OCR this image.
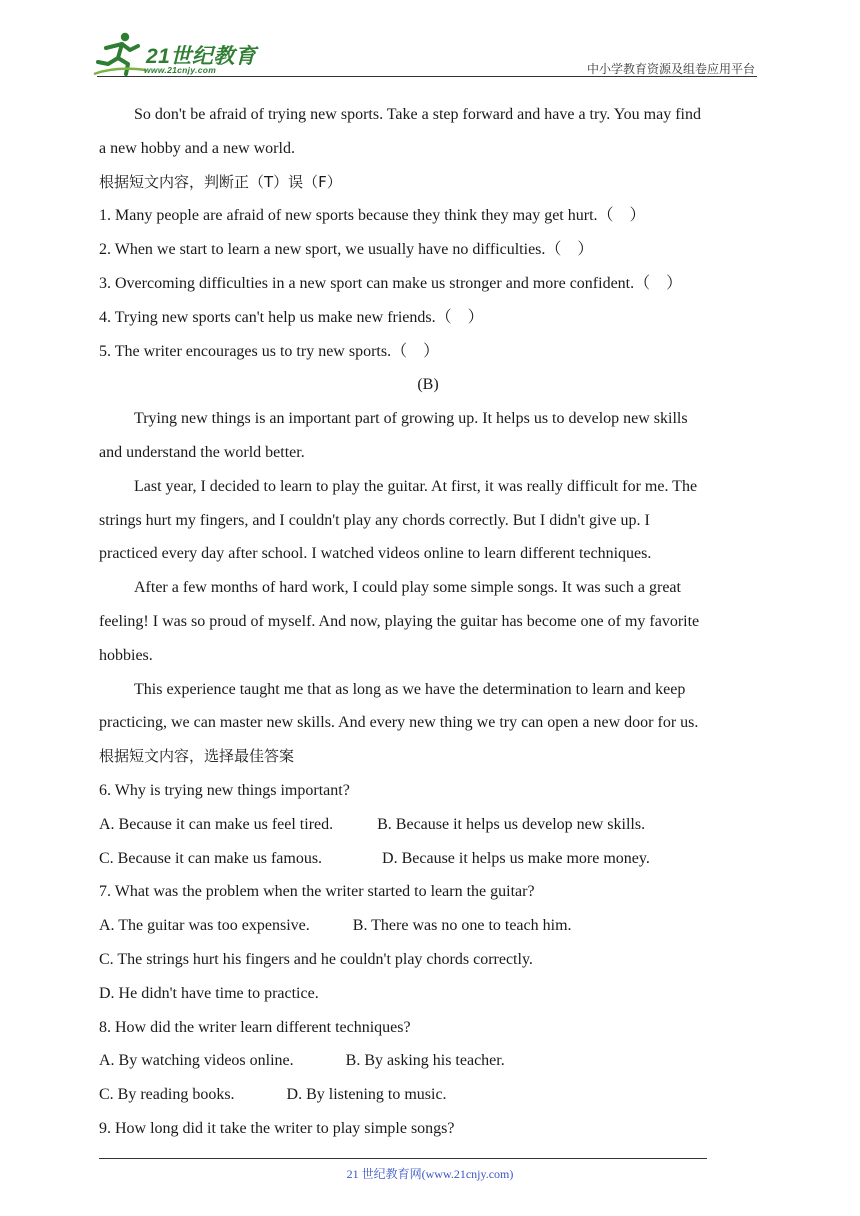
21世纪教育
www.21cnjy.com	中小学教育资源及组卷应用平台
So don't be afraid of trying new sports. Take a step forward and have a try. You may find
a new hobby and a new world.
根据短文内容，判断正（T）误（F）
1. Many people are afraid of new sports because they think they may get hurt.（　）
2. When we start to learn a new sport, we usually have no difficulties.（　）
3. Overcoming difficulties in a new sport can make us stronger and more confident.（　）
4. Trying new sports can't help us make new friends.（　）
5. The writer encourages us to try new sports.（　）
(B)
Trying new things is an important part of growing up. It helps us to develop new skills
and understand the world better.
Last year, I decided to learn to play the guitar. At first, it was really difficult for me. The
strings hurt my fingers, and I couldn't play any chords correctly. But I didn't give up. I
practiced every day after school. I watched videos online to learn different techniques.
After a few months of hard work, I could play some simple songs. It was such a great
feeling! I was so proud of myself. And now, playing the guitar has become one of my favorite
hobbies.
This experience taught me that as long as we have the determination to learn and keep
practicing, we can master new skills. And every new thing we try can open a new door for us.
根据短文内容，选择最佳答案
6. Why is trying new things important?
A. Because it can make us feel tired.	B. Because it helps us develop new skills.
C. Because it can make us famous.	D. Because it helps us make more money.
7. What was the problem when the writer started to learn the guitar?
A. The guitar was too expensive.	B. There was no one to teach him.
C. The strings hurt his fingers and he couldn't play chords correctly.
D. He didn't have time to practice.
8. How did the writer learn different techniques?
A. By watching videos online.	B. By asking his teacher.
C. By reading books.	D. By listening to music.
9. How long did it take the writer to play simple songs?
21 世纪教育网(www.21cnjy.com)
